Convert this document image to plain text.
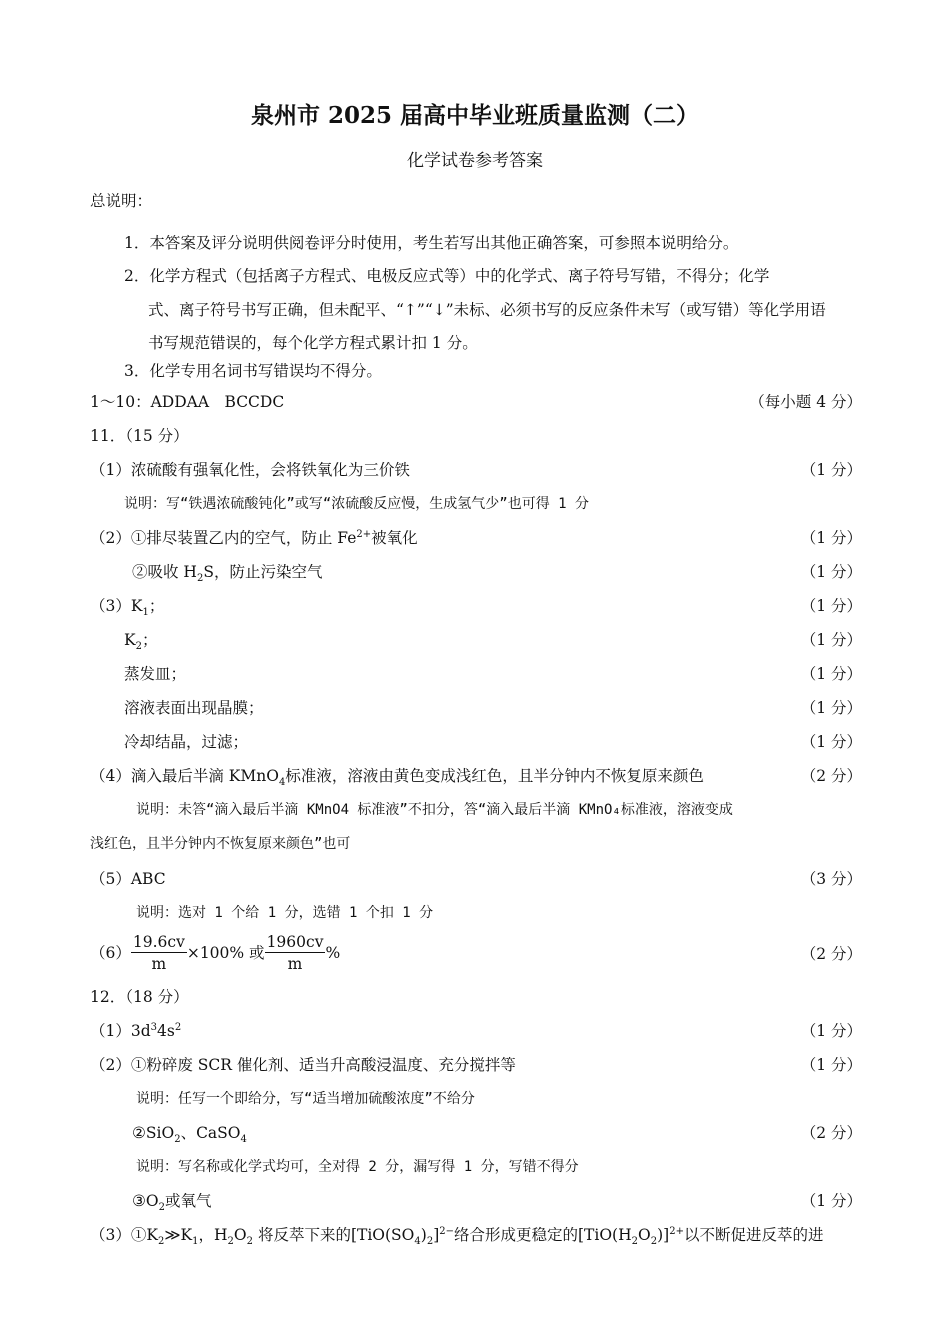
泉州市 2025 届高中毕业班质量监测（二）
化学试卷参考答案
总说明：
1．本答案及评分说明供阅卷评分时使用，考生若写出其他正确答案，可参照本说明给分。
2．化学方程式（包括离子方程式、电极反应式等）中的化学式、离子符号写错，不得分；化学
式、离子符号书写正确，但未配平、“↑”“↓”未标、必须书写的反应条件未写（或写错）等化学用语
书写规范错误的，每个化学方程式累计扣 1 分。
3．化学专用名词书写错误均不得分。
1～10：ADDAA　BCCDC	（每小题 4 分）
11．（15 分）
（1）浓硫酸有强氧化性，会将铁氧化为三价铁	（1 分）
说明：写“铁遇浓硫酸钝化”或写“浓硫酸反应慢，生成氢气少”也可得 1 分
（2）①排尽装置乙内的空气，防止 $Fe^{2+}$被氧化	（1 分）
②吸收 $H_2S$，防止污染空气	（1 分）
$(3)K_1$；	（1 分）
$K_2$；	（1 分）
蒸发皿；	（1 分）
溶液表面出现晶膜；	（1 分）
冷却结晶，过滤；	（1 分）
（4）滴入最后半滴 KMnO$_4$标准液，溶液由黄色变成浅红色，且半分钟内不恢复原来颜色	（2 分）
说明：未答“滴入最后半滴 KMnO4 标准液”不扣分，答“滴入最后半滴 KMnO₄标准液，溶液变成
浅红色，且半分钟内不恢复原来颜色”也可
（5）ABC	（3 分）
说明：选对 1 个给 1 分，选错 1 个扣 1 分
$(6) \frac{19.6cv}{m} \times 100\%$ 或 $\frac{1960cv}{m}$ %	（2 分）
12．（18 分）
$(1)3d^34s^2$	（1 分）
（2）①粉碎废 SCR 催化剂、适当升高酸浸温度、充分搅拌等	（1 分）
说明：任写一个即给分，写“适当增加硫酸浓度”不给分
②SiO$_2$、CaSO$_4$	（2 分）
说明：写名称或化学式均可，全对得 2 分，漏写得 1 分，写错不得分
$③O_2$或氧气	（1 分）
$(3)①K_2≫K_1$，$H_2O_2$ 将反萃下来的$[TiO(SO_4)_2]^{2-}$络合形成更稳定的$[TiO(H_2O_2)]^{2+}$以不断促进反萃的进
